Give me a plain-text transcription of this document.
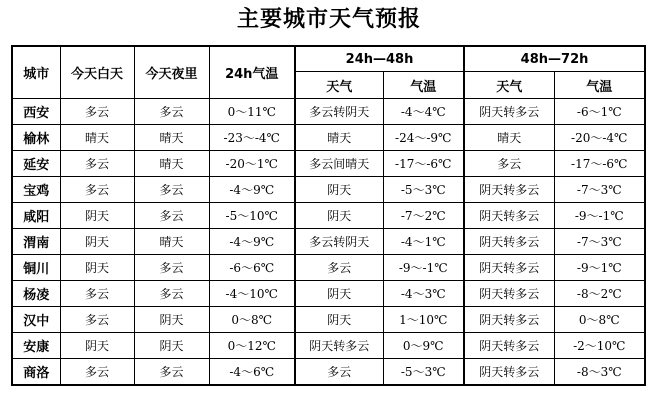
主要城市天气预报
城市	今天白天	今天夜里	24h气温	24h—48h		48h—72h	
				天气	气温	天气	气温
西安	多云	多云	0～11℃	多云转阴天	-4～4℃	阴天转多云	-6～1℃
榆林	晴天	晴天	-23～-4℃	晴天	-24～-9℃	晴天	-20～-4℃
延安	多云	晴天	-20～1℃	多云间晴天	-17～-6℃	多云	-17～-6℃
宝鸡	多云	多云	-4～9℃	阴天	-5～3℃	阴天转多云	-7～3℃
咸阳	阴天	多云	-5～10℃	阴天	-7～2℃	阴天转多云	-9～-1℃
渭南	阴天	晴天	-4～9℃	多云转阴天	-4～1℃	阴天转多云	-7～3℃
铜川	阴天	多云	-6～6℃	多云	-9～-1℃	阴天转多云	-9～1℃
杨凌	多云	多云	-4～10℃	阴天	-4～3℃	阴天转多云	-8～2℃
汉中	多云	阴天	0～8℃	阴天	1～10℃	阴天转多云	0～8℃
安康	阴天	阴天	0～12℃	阴天转多云	0～9℃	阴天转多云	-2～10℃
商洛	多云	多云	-4～6℃	多云	-5～3℃	阴天转多云	-8～3℃
